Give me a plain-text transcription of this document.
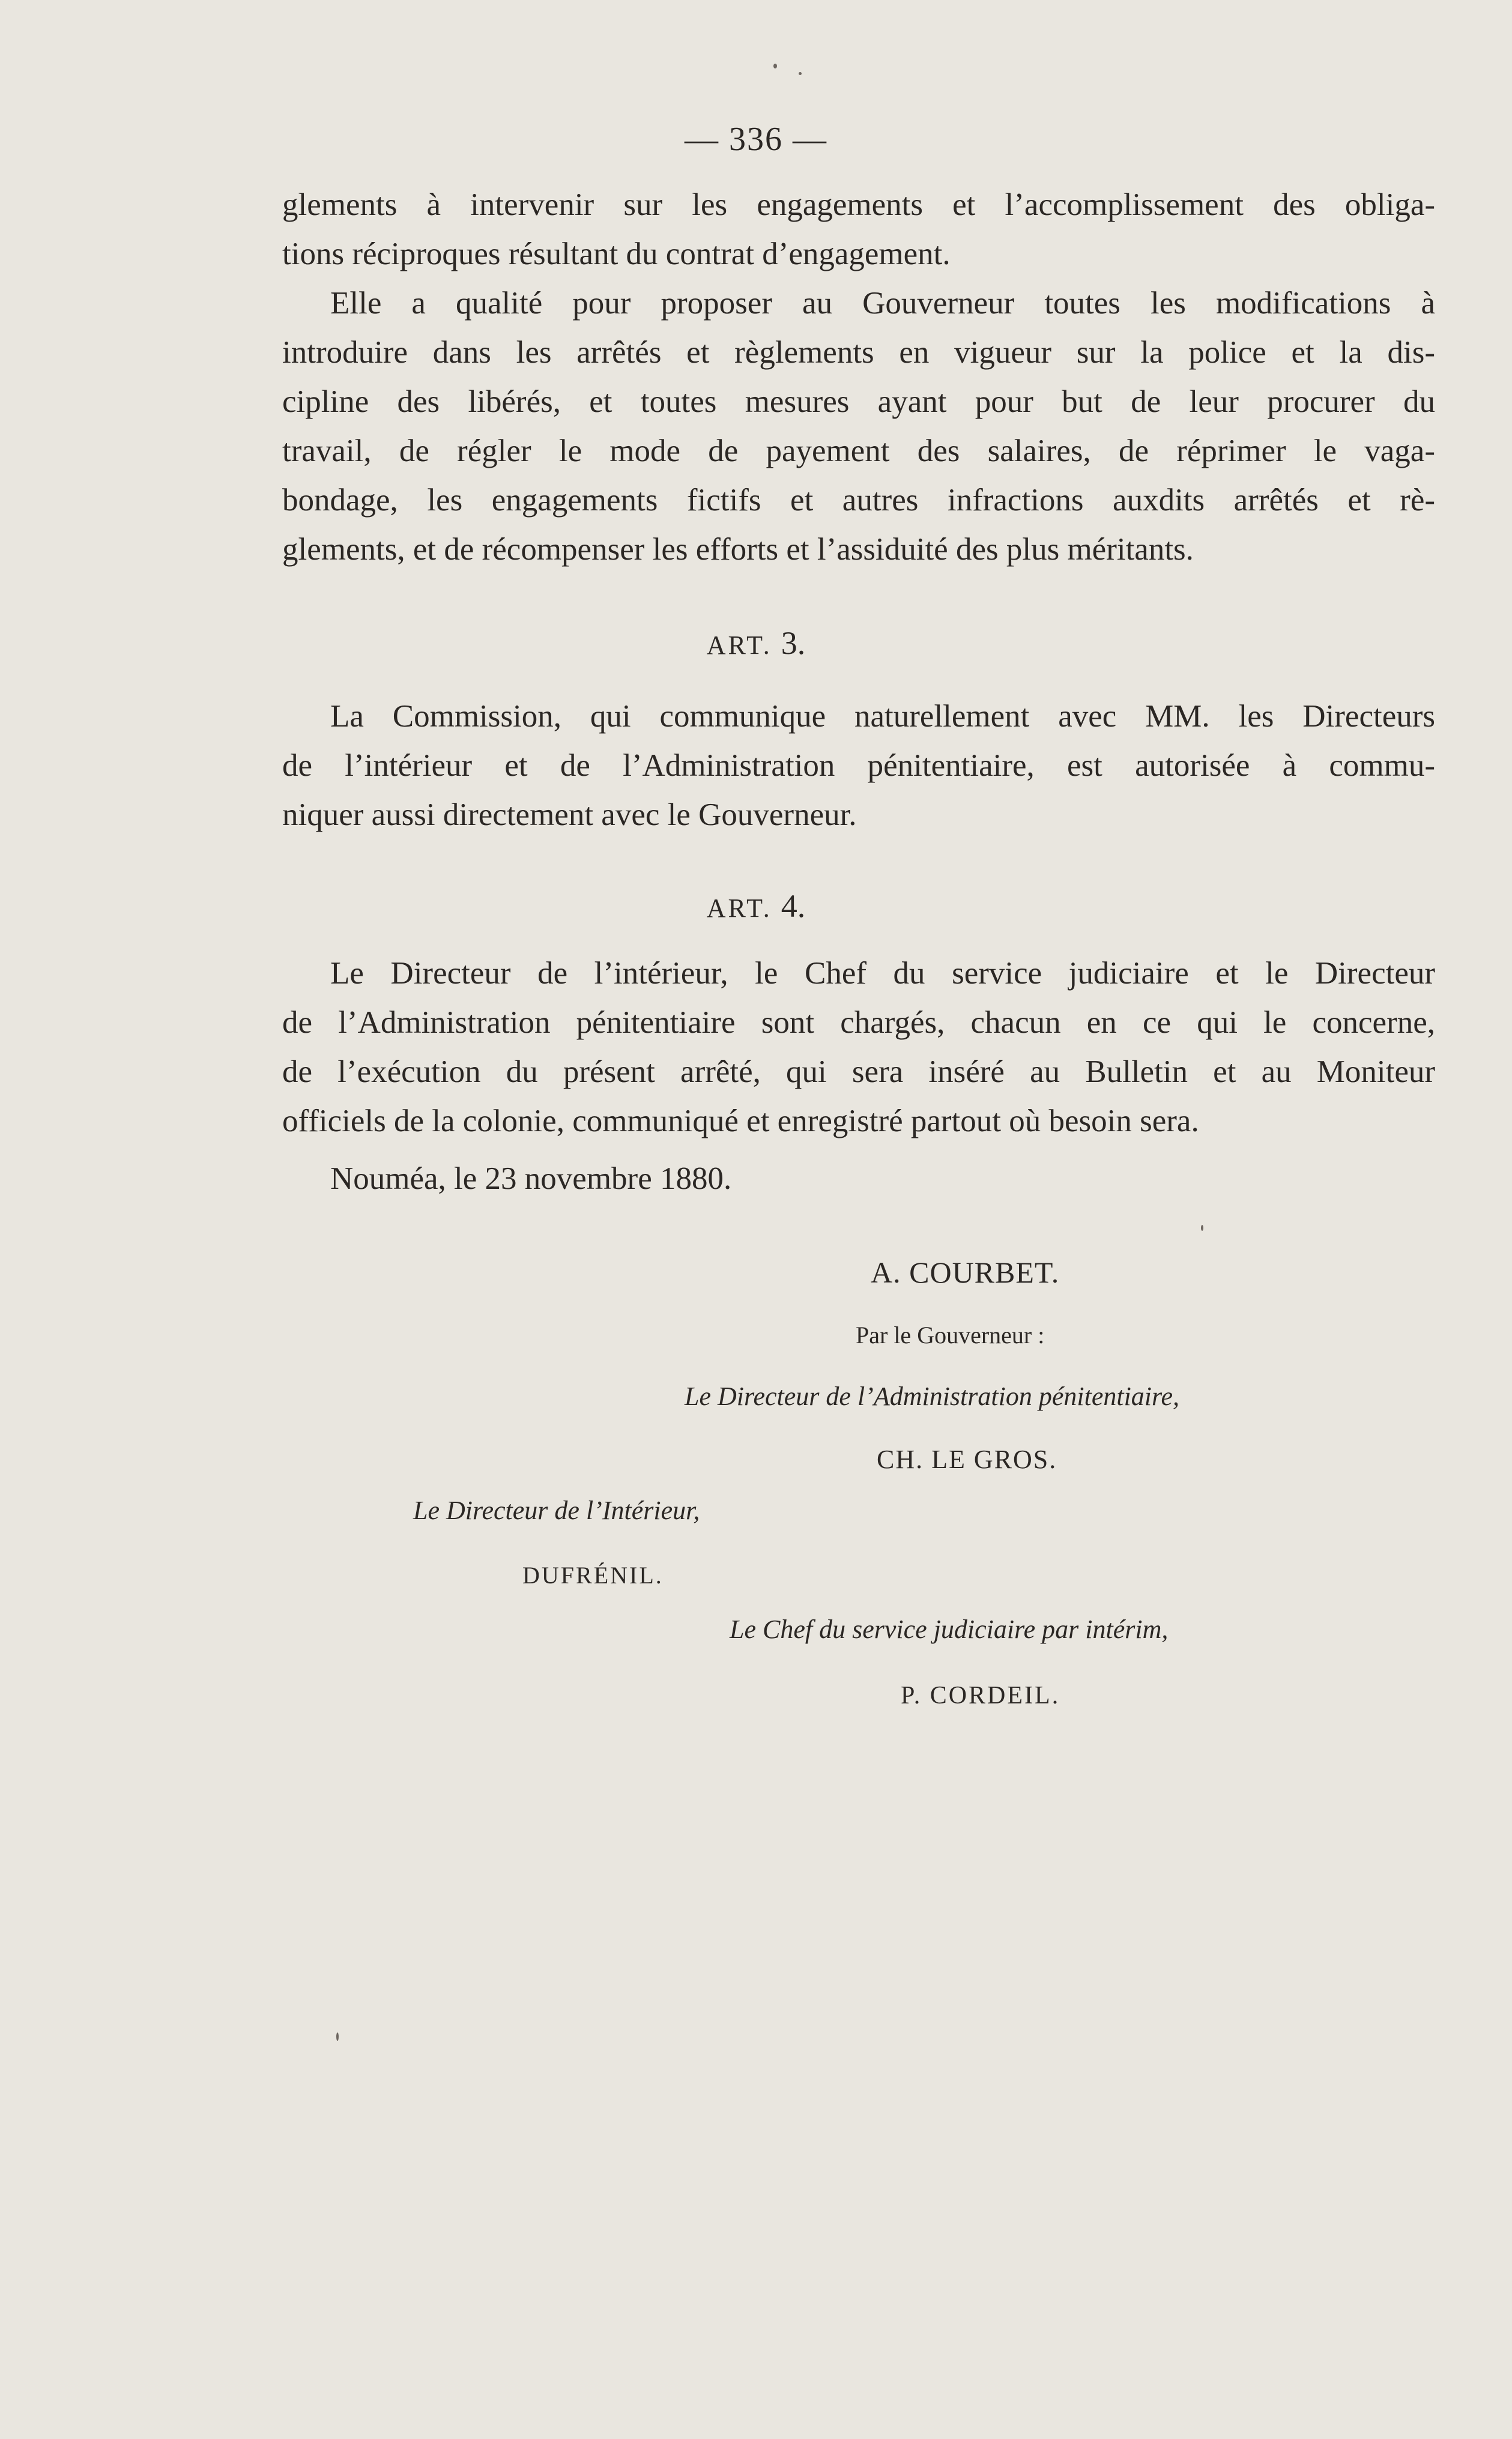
— 336 —
glements à intervenir sur les engagements et l’accomplissement des obliga-
tions réciproques résultant du contrat d’engagement.
Elle a qualité pour proposer au Gouverneur toutes les modifications à
introduire dans les arrêtés et règlements en vigueur sur la police et la dis-
cipline des libérés, et toutes mesures ayant pour but de leur procurer du
travail, de régler le mode de payement des salaires, de réprimer le vaga-
bondage, les engagements fictifs et autres infractions auxdits arrêtés et rè-
glements, et de récompenser les efforts et l’assiduité des plus méritants.
ART. 3.
La Commission, qui communique naturellement avec MM. les Directeurs
de l’intérieur et de l’Administration pénitentiaire, est autorisée à commu-
niquer aussi directement avec le Gouverneur.
ART. 4.
Le Directeur de l’intérieur, le Chef du service judiciaire et le Directeur
de l’Administration pénitentiaire sont chargés, chacun en ce qui le concerne,
de l’exécution du présent arrêté, qui sera inséré au Bulletin et au Moniteur
officiels de la colonie, communiqué et enregistré partout où besoin sera.
Nouméa, le 23 novembre 1880.
A. COURBET.
Par le Gouverneur :
Le Directeur de l’Administration pénitentiaire,
CH. LE GROS.
Le Directeur de l’Intérieur,
DUFRÉNIL.
Le Chef du service judiciaire par intérim,
P. CORDEIL.
